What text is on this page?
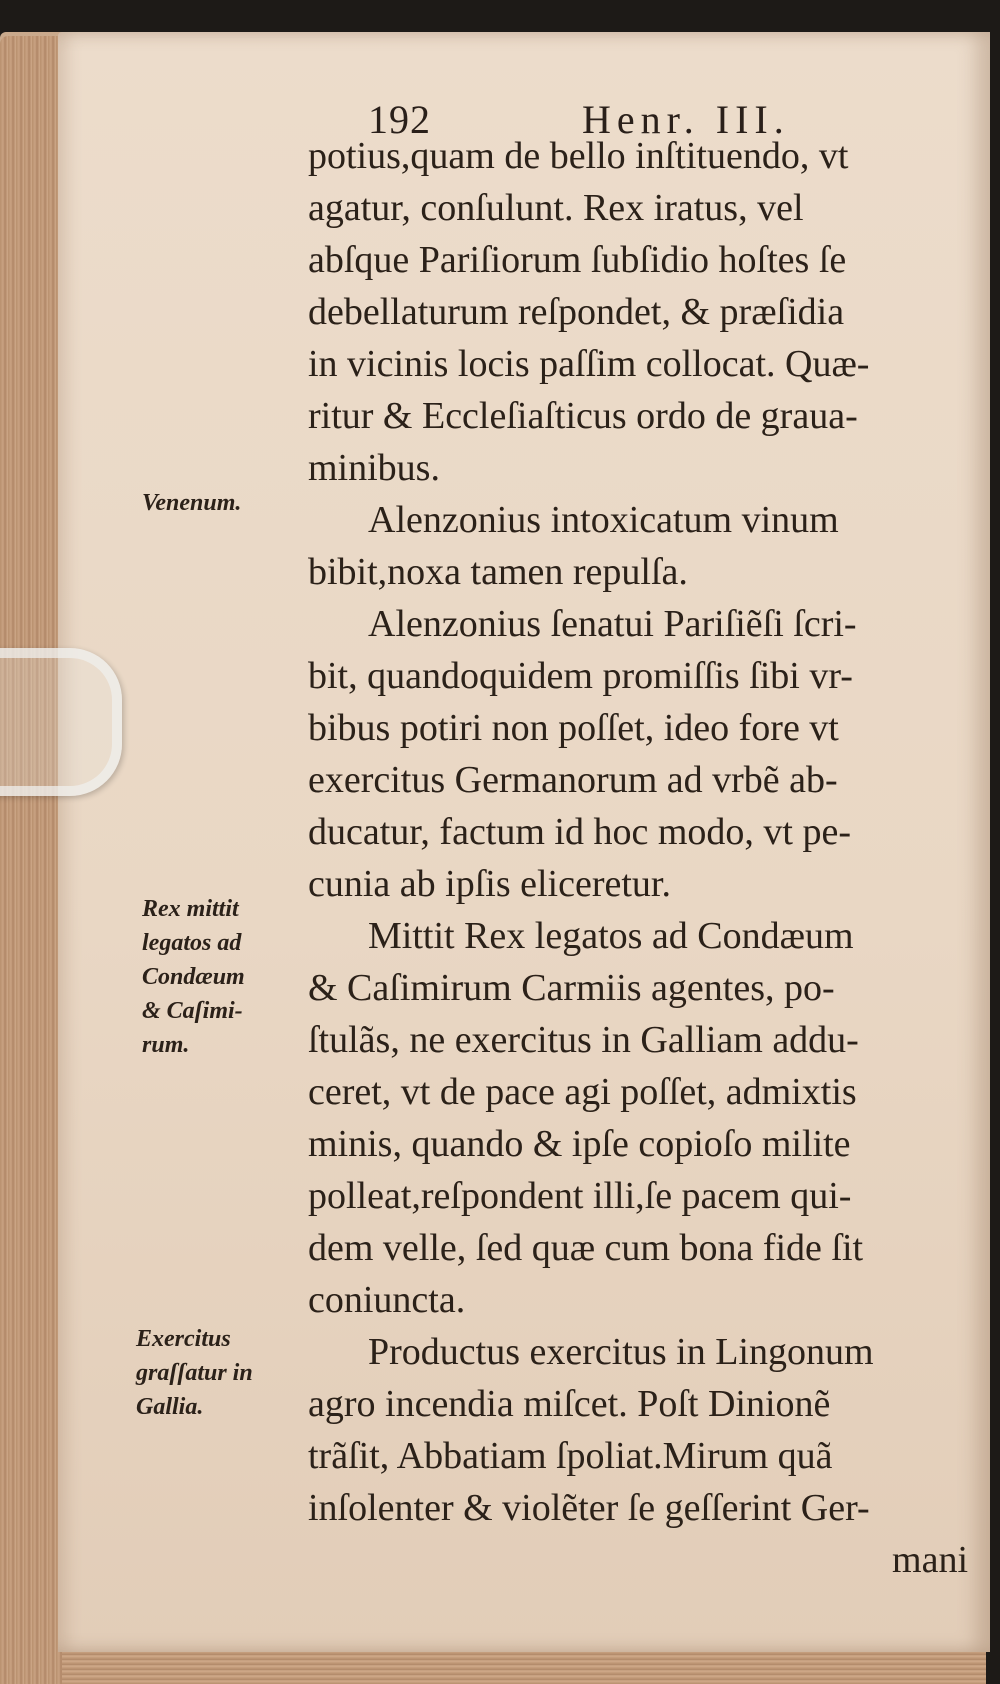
192	Henr. III.
potius,quam de bello inſtituendo, vt
agatur, conſulunt. Rex iratus, vel
abſque Pariſiorum ſubſidio hoſtes ſe
debellaturum reſpondet, & præſidia
in vicinis locis paſſim collocat. Quæ-
ritur & Eccleſiaſticus ordo de graua-
minibus.
Alenzonius intoxicatum vinum
bibit,noxa tamen repulſa.
Alenzonius ſenatui Pariſiẽſi ſcri-
bit, quandoquidem promiſſis ſibi vr-
bibus potiri non poſſet, ideo fore vt
exercitus Germanorum ad vrbẽ ab-
ducatur, factum id hoc modo, vt pe-
cunia ab ipſis eliceretur.
Mittit Rex legatos ad Condæum
& Caſimirum Carmiis agentes, po-
ſtulãs, ne exercitus in Galliam addu-
ceret, vt de pace agi poſſet, admixtis
minis, quando & ipſe copioſo milite
polleat,reſpondent illi,ſe pacem qui-
dem velle, ſed quæ cum bona fide ſit
coniuncta.
Productus exercitus in Lingonum
agro incendia miſcet. Poſt Dinionẽ
trãſit, Abbatiam ſpoliat.Mirum quã
inſolenter & violẽter ſe geſſerint Ger-
mani
Venenum.
Rex mittit
legatos ad
Condæum
& Caſimi-
rum.
Exercitus
graſſatur in
Gallia.
